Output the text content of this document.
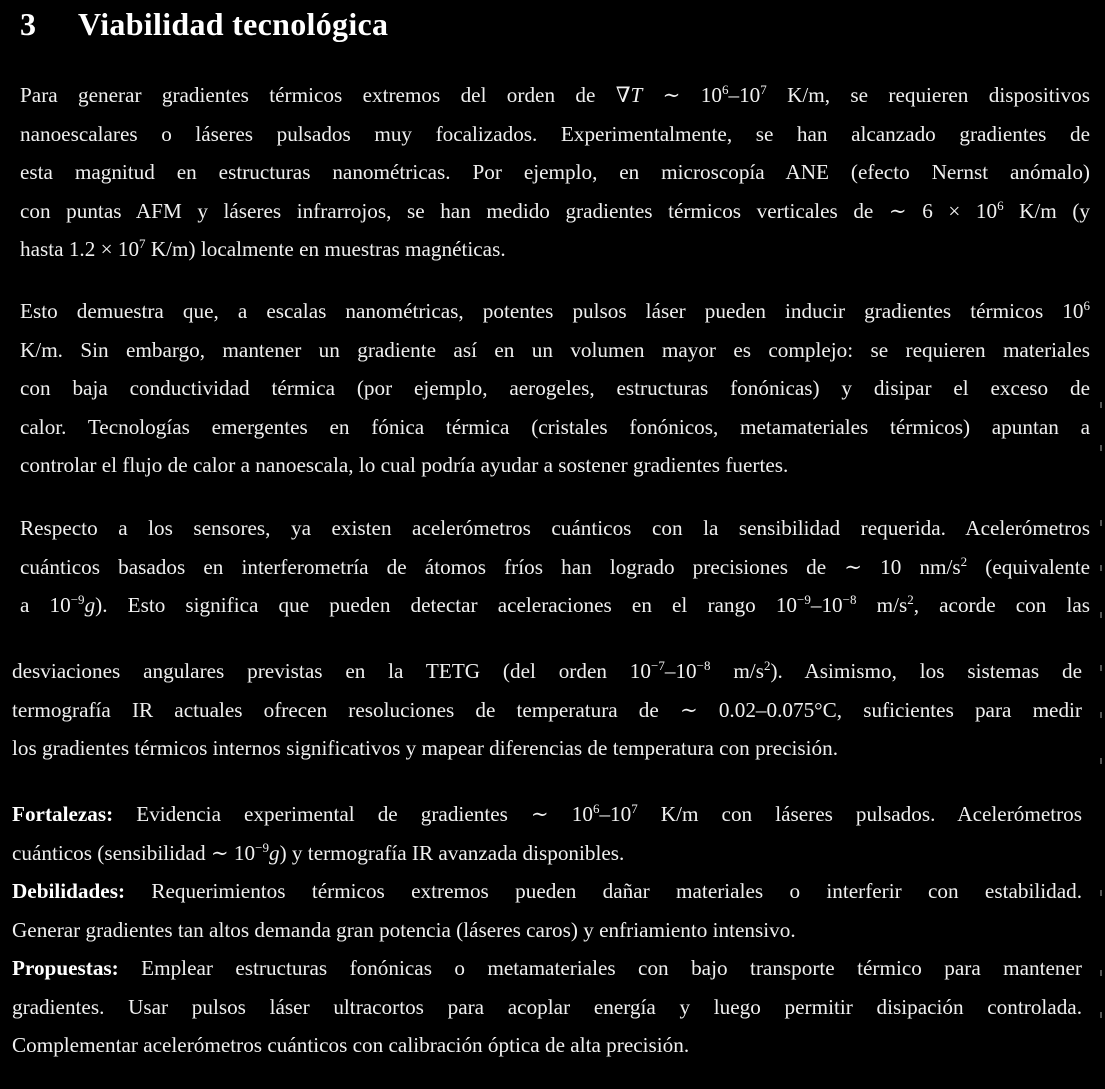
3 Viabilidad tecnológica
Para generar gradientes térmicos extremos del orden de ∇T ∼ $10^6-10^7$ K/m, se requieren dispositivos
nanoescalares o láseres pulsados muy focalizados. Experimentalmente, se han alcanzado gradientes de
esta magnitud en estructuras nanométricas. Por ejemplo, en microscopía ANE (efecto Nernst anómalo)
con puntas AFM y láseres infrarrojos, se han medido gradientes térmicos verticales de ∼ $6 \times 10^6$ K/m (y
hasta $1.2 \times 10^7$ K/m) localmente en muestras magnéticas.
Esto demuestra que, a escalas nanométricas, potentes pulsos láser pueden inducir gradientes térmicos $10^6$
K/m. Sin embargo, mantener un gradiente así en un volumen mayor es complejo: se requieren materiales
con baja conductividad térmica (por ejemplo, aerogeles, estructuras fonónicas) y disipar el exceso de
calor. Tecnologías emergentes en fónica térmica (cristales fonónicos, metamateriales térmicos) apuntan a
controlar el flujo de calor a nanoescala, lo cual podría ayudar a sostener gradientes fuertes.
Respecto a los sensores, ya existen acelerómetros cuánticos con la sensibilidad requerida. Acelerómetros
cuánticos basados en interferometría de átomos fríos han logrado precisiones de ∼ 10 $nm/s^2$ (equivalente
a $10^{-9}g$). Esto significa que pueden detectar aceleraciones en el rango $10^{-9}-10^{-8}$ $m/s^2$, acorde con las
desviaciones angulares previstas en la TETG (del orden $10^{-7}-10^{-8}$ $m/s^2$). Asimismo, los sistemas de
termografía IR actuales ofrecen resoluciones de temperatura de ∼ 0.02–0.075°C, suficientes para medir
los gradientes térmicos internos significativos y mapear diferencias de temperatura con precisión.
Fortalezas: Evidencia experimental de gradientes ∼ $10^6-10^7$ K/m con láseres pulsados. Acelerómetros
cuánticos (sensibilidad ∼ $10^{-9}g$) y termografía IR avanzada disponibles.
Debilidades: Requerimientos térmicos extremos pueden dañar materiales o interferir con estabilidad.
Generar gradientes tan altos demanda gran potencia (láseres caros) y enfriamiento intensivo.
Propuestas: Emplear estructuras fonónicas o metamateriales con bajo transporte térmico para mantener
gradientes. Usar pulsos láser ultracortos para acoplar energía y luego permitir disipación controlada.
Complementar acelerómetros cuánticos con calibración óptica de alta precisión.
